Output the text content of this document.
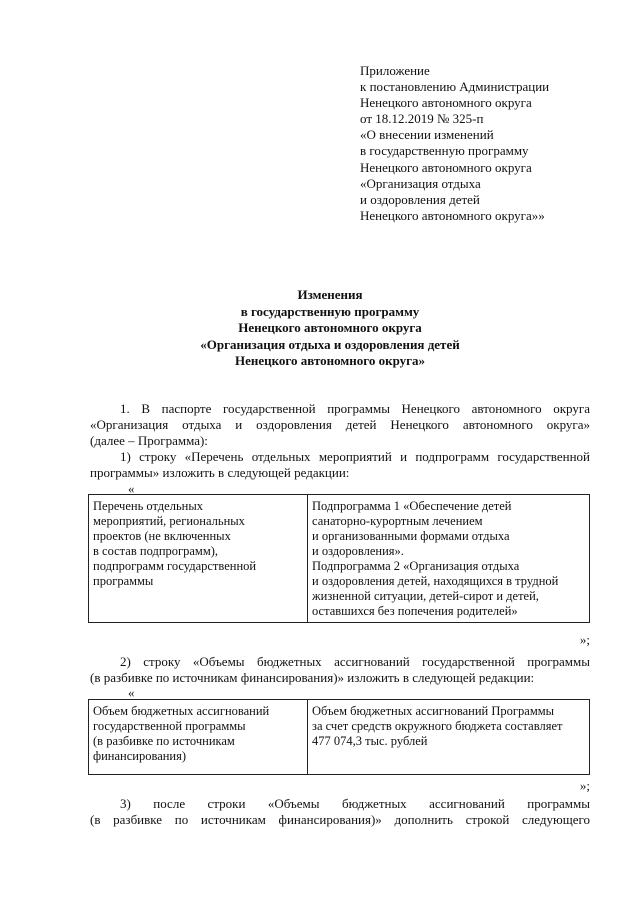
Приложение
к постановлению Администрации
Ненецкого автономного округа
от 18.12.2019 № 325-п
«О внесении изменений
в государственную программу
Ненецкого автономного округа
«Организация отдыха
и оздоровления детей
Ненецкого автономного округа»»
Изменения
в государственную программу
Ненецкого автономного округа
«Организация отдыха и оздоровления детей
Ненецкого автономного округа»
1. В паспорте государственной программы Ненецкого автономного округа
«Организация отдыха и оздоровления детей Ненецкого автономного округа»
(далее – Программа):
1) строку «Перечень отдельных мероприятий и подпрограмм государственной
программы» изложить в следующей редакции:
«
Перечень отдельных
мероприятий, региональных
проектов (не включенных
в состав подпрограмм),
подпрограмм государственной
программы

Подпрограмма 1 «Обеспечение детей
санаторно-курортным лечением
и организованными формами отдыха
и оздоровления».
Подпрограмма 2 «Организация отдыха
и оздоровления детей, находящихся в трудной
жизненной ситуации, детей-сирот и детей,
оставшихся без попечения родителей»
»;
2) строку «Объемы бюджетных ассигнований государственной программы
(в разбивке по источникам финансирования)» изложить в следующей редакции:
«
Объем бюджетных ассигнований
государственной программы
(в разбивке по источникам
финансирования)

Объем бюджетных ассигнований Программы
за счет средств окружного бюджета составляет
477 074,3 тыс. рублей
»;
3) после строки «Объемы бюджетных ассигнований программы
(в разбивке по источникам финансирования)» дополнить строкой следующего
